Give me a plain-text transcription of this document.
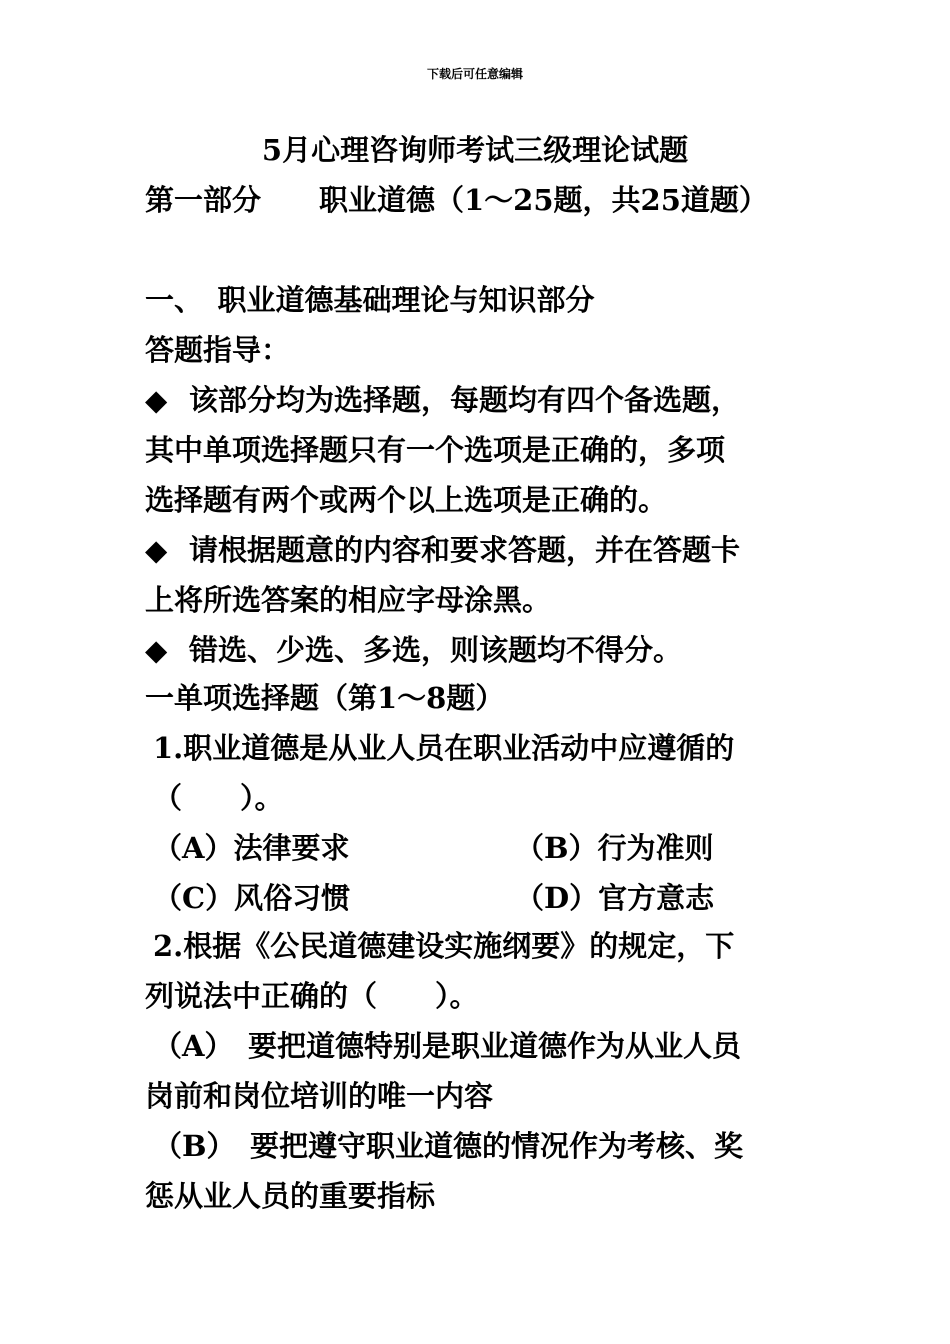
下载后可任意编辑
5月心理咨询师考试三级理论试题
第一部分　　职业道德（1～25题，共25道题）
一、　职业道德基础理论与知识部分
答题指导：
◆ 该部分均为选择题，每题均有四个备选题，
其中单项选择题只有一个选项是正确的，多项
选择题有两个或两个以上选项是正确的。
◆ 请根据题意的内容和要求答题，并在答题卡
上将所选答案的相应字母涂黑。
◆ 错选、少选、多选，则该题均不得分。
一单项选择题（第1～8题）
1.职业道德是从业人员在职业活动中应遵循的
（　　）。
（A）法律要求	（B）行为准则
（C）风俗习惯	（D）官方意志
2.根据《公民道德建设实施纲要》的规定，下
列说法中正确的（　　）。
（A）　要把道德特别是职业道德作为从业人员
岗前和岗位培训的唯一内容
（B）　要把遵守职业道德的情况作为考核、奖
惩从业人员的重要指标
